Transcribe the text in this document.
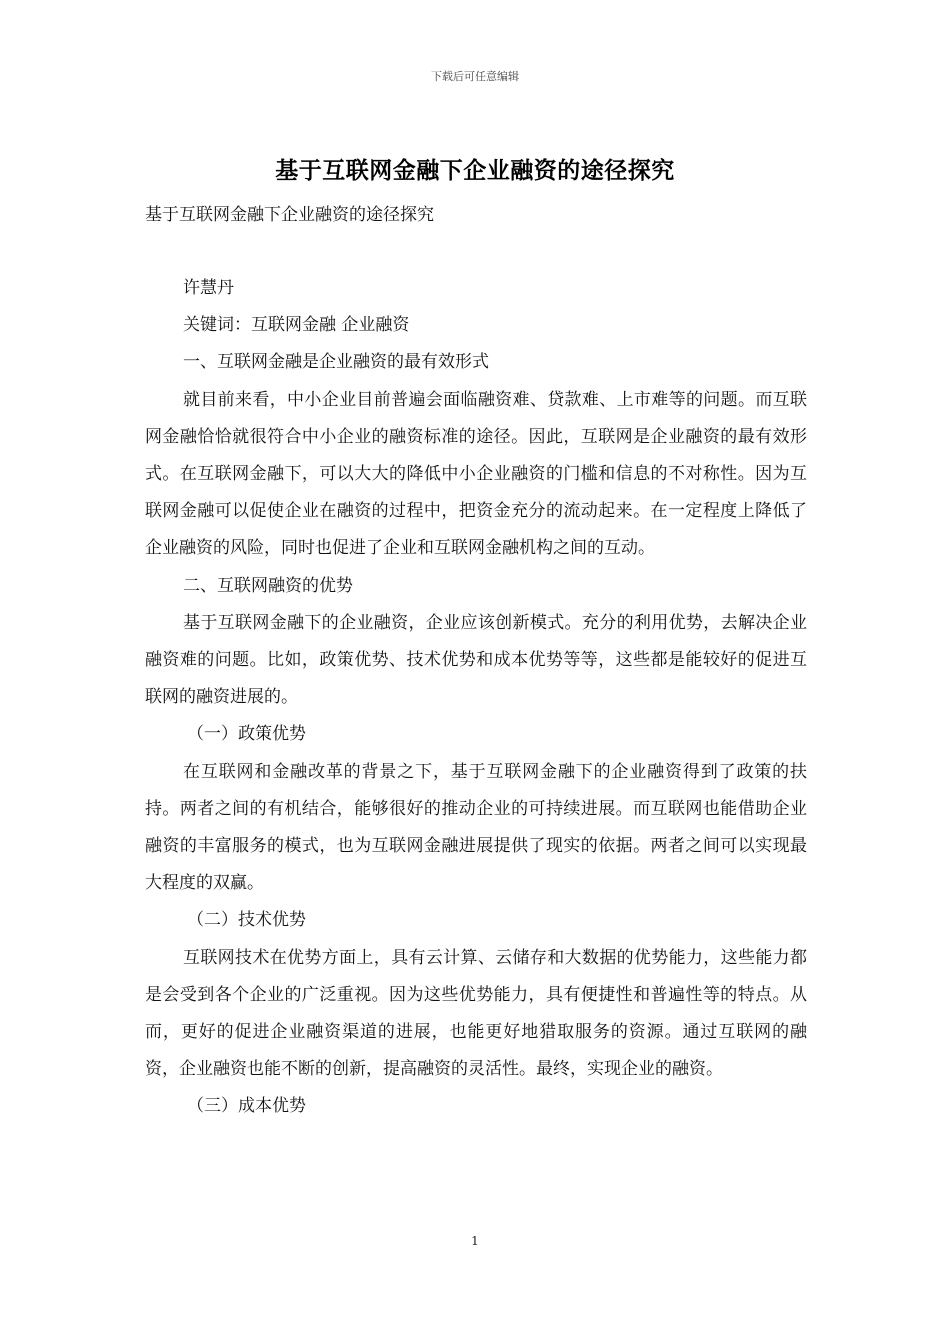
下载后可任意编辑
基于互联网金融下企业融资的途径探究
基于互联网金融下企业融资的途径探究

许慧丹

关键词：互联网金融 企业融资

一、互联网金融是企业融资的最有效形式

就目前来看，中小企业目前普遍会面临融资难、贷款难、上市难等的问题。而互联网金融恰恰就很符合中小企业的融资标准的途径。因此，互联网是企业融资的最有效形式。在互联网金融下，可以大大的降低中小企业融资的门槛和信息的不对称性。因为互联网金融可以促使企业在融资的过程中，把资金充分的流动起来。在一定程度上降低了企业融资的风险，同时也促进了企业和互联网金融机构之间的互动。

二、互联网融资的优势

基于互联网金融下的企业融资，企业应该创新模式。充分的利用优势，去解决企业融资难的问题。比如，政策优势、技术优势和成本优势等等，这些都是能较好的促进互联网的融资进展的。

（一）政策优势

在互联网和金融改革的背景之下，基于互联网金融下的企业融资得到了政策的扶持。两者之间的有机结合，能够很好的推动企业的可持续进展。而互联网也能借助企业融资的丰富服务的模式，也为互联网金融进展提供了现实的依据。两者之间可以实现最大程度的双赢。

（二）技术优势

互联网技术在优势方面上，具有云计算、云储存和大数据的优势能力，这些能力都是会受到各个企业的广泛重视。因为这些优势能力，具有便捷性和普遍性等的特点。从而，更好的促进企业融资渠道的进展，也能更好地猎取服务的资源。通过互联网的融资，企业融资也能不断的创新，提高融资的灵活性。最终，实现企业的融资。

（三）成本优势

1
